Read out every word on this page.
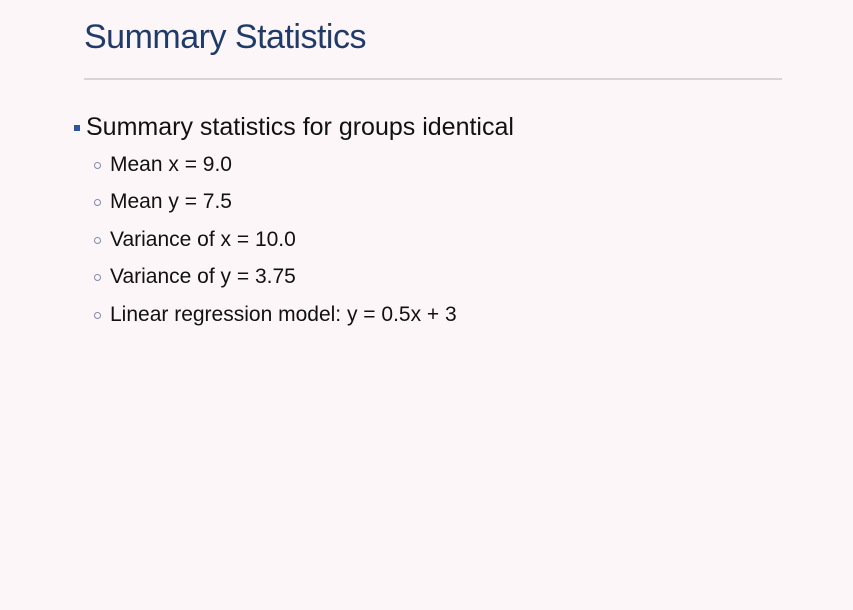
Summary Statistics
Summary statistics for groups identical
Mean x = 9.0
Mean y = 7.5
Variance of x = 10.0
Variance of y = 3.75
Linear regression model: y = 0.5x + 3
